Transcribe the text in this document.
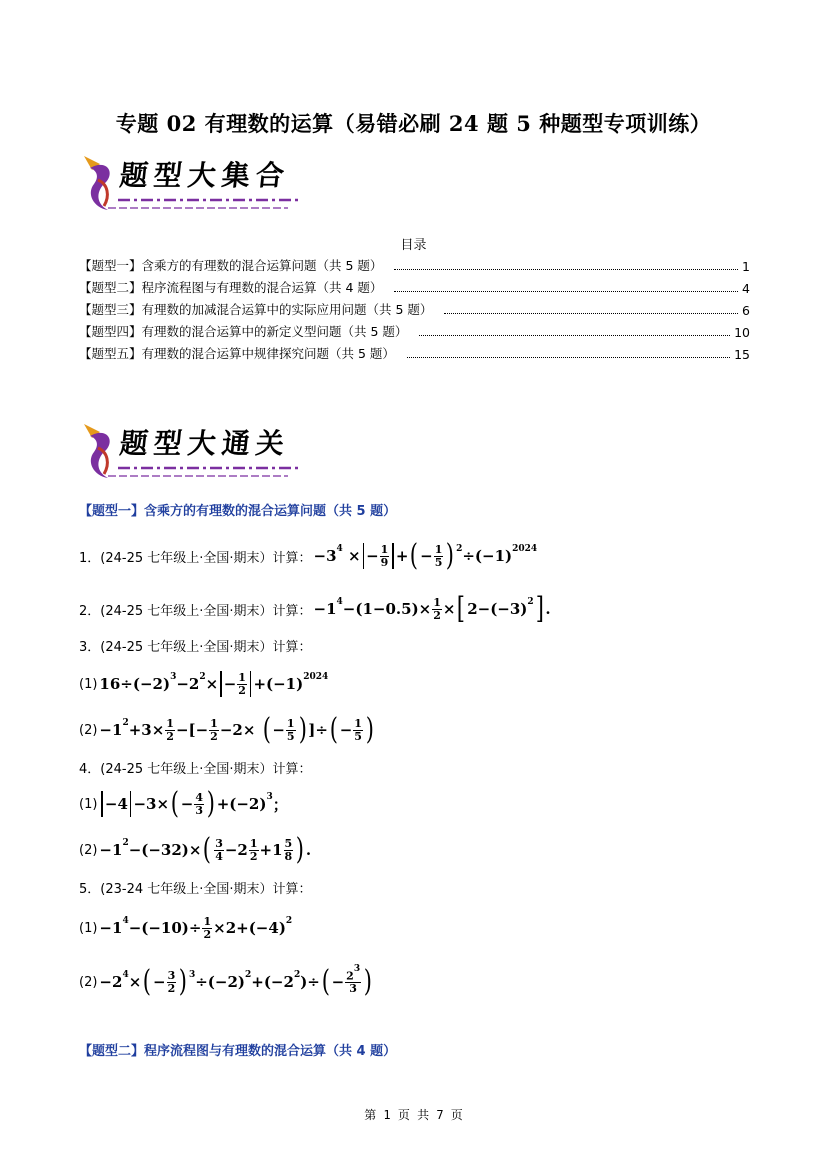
专题 02 有理数的运算（易错必刷 24 题 5 种题型专项训练）
题型大集合
目录
【题型一】含乘方的有理数的混合运算问题（共 5 题）	1
【题型二】程序流程图与有理数的混合运算（共 4 题）	4
【题型三】有理数的加减混合运算中的实际应用问题（共 5 题）	6
【题型四】有理数的混合运算中的新定义型问题（共 5 题）	10
【题型五】有理数的混合运算中规律探究问题（共 5 题）	15
题型大通关
【题型一】含乘方的有理数的混合运算问题（共 5 题）
1．(24-25 七年级上·全国·期末）计算： −3 4 × − $\frac{1}{9}$ + ( − $\frac{1}{5}$ ) 2 ÷(−1) 2024
2．(24-25 七年级上·全国·期末）计算： −1 $4 -(1-0.5)\times \frac{1}{2}$ × [ 2−(−3) 2 ] .
3．(24-25 七年级上·全国·期末）计算：
(1) 16÷(−2) 3 −2 2 × − $\frac{1}{2} +(-1)$ 2024
(2) −1 $2 +3\times \frac{1}{2}$ −[− $\frac{1}{2} -2\times$ ( − $\frac{1}{5}$ ) ]÷ ( − $\frac{1}{5}$ )
4．(24-25 七年级上·全国·期末）计算：
(1) −4 −3× ( − $\frac{4}{3}$ ) +(−2) 3 ；
(2) −1 2 −(−32)× ( $\frac{3}{4} -2 \frac{1}{2} +1 \frac{5}{8}$ ) .
5．(23-24 七年级上·全国·期末）计算：
(1) −1 $4 -(-10)\div \frac{1}{2} \times 2+(-4)$ 2
(2) −2 4 × ( − $\frac{3}{2}$ ) 3 ÷(−2) 2 +(−2 2 )÷ ( − $\frac{2^3}{3}$ )
【题型二】程序流程图与有理数的混合运算（共 4 题）
第 1 页 共 7 页
